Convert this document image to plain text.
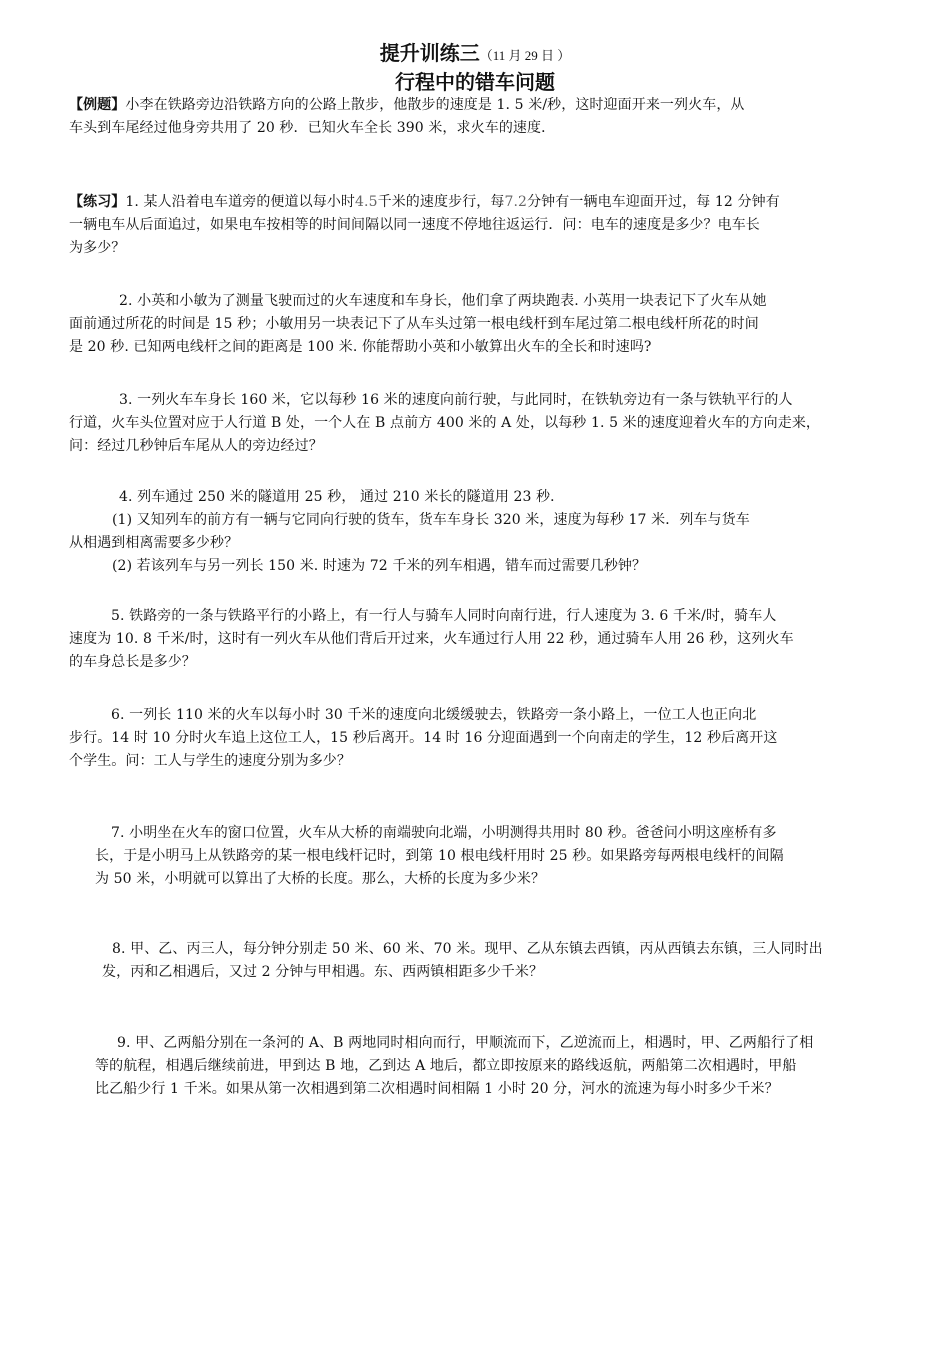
提升训练三（11 月 29 日 ）
行程中的错车问题
【例题】小李在铁路旁边沿铁路方向的公路上散步，他散步的速度是 1. 5 米/秒，这时迎面开来一列火车，从
车头到车尾经过他身旁共用了 20 秒．已知火车全长 390 米，求火车的速度．
【练习】1. 某人沿着电车道旁的便道以每小时4.5千米的速度步行，每7.2分钟有一辆电车迎面开过，每 12 分钟有
一辆电车从后面追过，如果电车按相等的时间间隔以同一速度不停地往返运行．问：电车的速度是多少？电车长
为多少？
2. 小英和小敏为了测量飞驶而过的火车速度和车身长，他们拿了两块跑表. 小英用一块表记下了火车从她
面前通过所花的时间是 15 秒；小敏用另一块表记下了从车头过第一根电线杆到车尾过第二根电线杆所花的时间
是 20 秒. 已知两电线杆之间的距离是 100 米. 你能帮助小英和小敏算出火车的全长和时速吗?
3. 一列火车车身长 160 米，它以每秒 16 米的速度向前行驶，与此同时，在铁轨旁边有一条与铁轨平行的人
行道，火车头位置对应于人行道 B 处，一个人在 B 点前方 400 米的 A 处，以每秒 1. 5 米的速度迎着火车的方向走来，
问：经过几秒钟后车尾从人的旁边经过？
4. 列车通过 250 米的隧道用 25 秒， 通过 210 米长的隧道用 23 秒．
(1) 又知列车的前方有一辆与它同向行驶的货车，货车车身长 320 米，速度为每秒 17 米．列车与货车
从相遇到相离需要多少秒？
(2) 若该列车与另一列长 150 米. 时速为 72 千米的列车相遇，错车而过需要几秒钟？
5. 铁路旁的一条与铁路平行的小路上，有一行人与骑车人同时向南行进，行人速度为 3. 6 千米/时，骑车人
速度为 10. 8 千米/时，这时有一列火车从他们背后开过来，火车通过行人用 22 秒，通过骑车人用 26 秒，这列火车
的车身总长是多少？
6. 一列长 110 米的火车以每小时 30 千米的速度向北缓缓驶去，铁路旁一条小路上，一位工人也正向北
步行。14 时 10 分时火车追上这位工人，15 秒后离开。14 时 16 分迎面遇到一个向南走的学生，12 秒后离开这
个学生。问：工人与学生的速度分别为多少？
7. 小明坐在火车的窗口位置，火车从大桥的南端驶向北端，小明测得共用时 80 秒。爸爸问小明这座桥有多
长，于是小明马上从铁路旁的某一根电线杆记时，到第 10 根电线杆用时 25 秒。如果路旁每两根电线杆的间隔
为 50 米，小明就可以算出了大桥的长度。那么，大桥的长度为多少米？
8. 甲、乙、丙三人，每分钟分别走 50 米、60 米、70 米。现甲、乙从东镇去西镇，丙从西镇去东镇，三人同时出
发，丙和乙相遇后，又过 2 分钟与甲相遇。东、西两镇相距多少千米？
9. 甲、乙两船分别在一条河的 A、B 两地同时相向而行，甲顺流而下，乙逆流而上，相遇时，甲、乙两船行了相
等的航程，相遇后继续前进，甲到达 B 地，乙到达 A 地后，都立即按原来的路线返航，两船第二次相遇时，甲船
比乙船少行 1 千米。如果从第一次相遇到第二次相遇时间相隔 1 小时 20 分，河水的流速为每小时多少千米？
